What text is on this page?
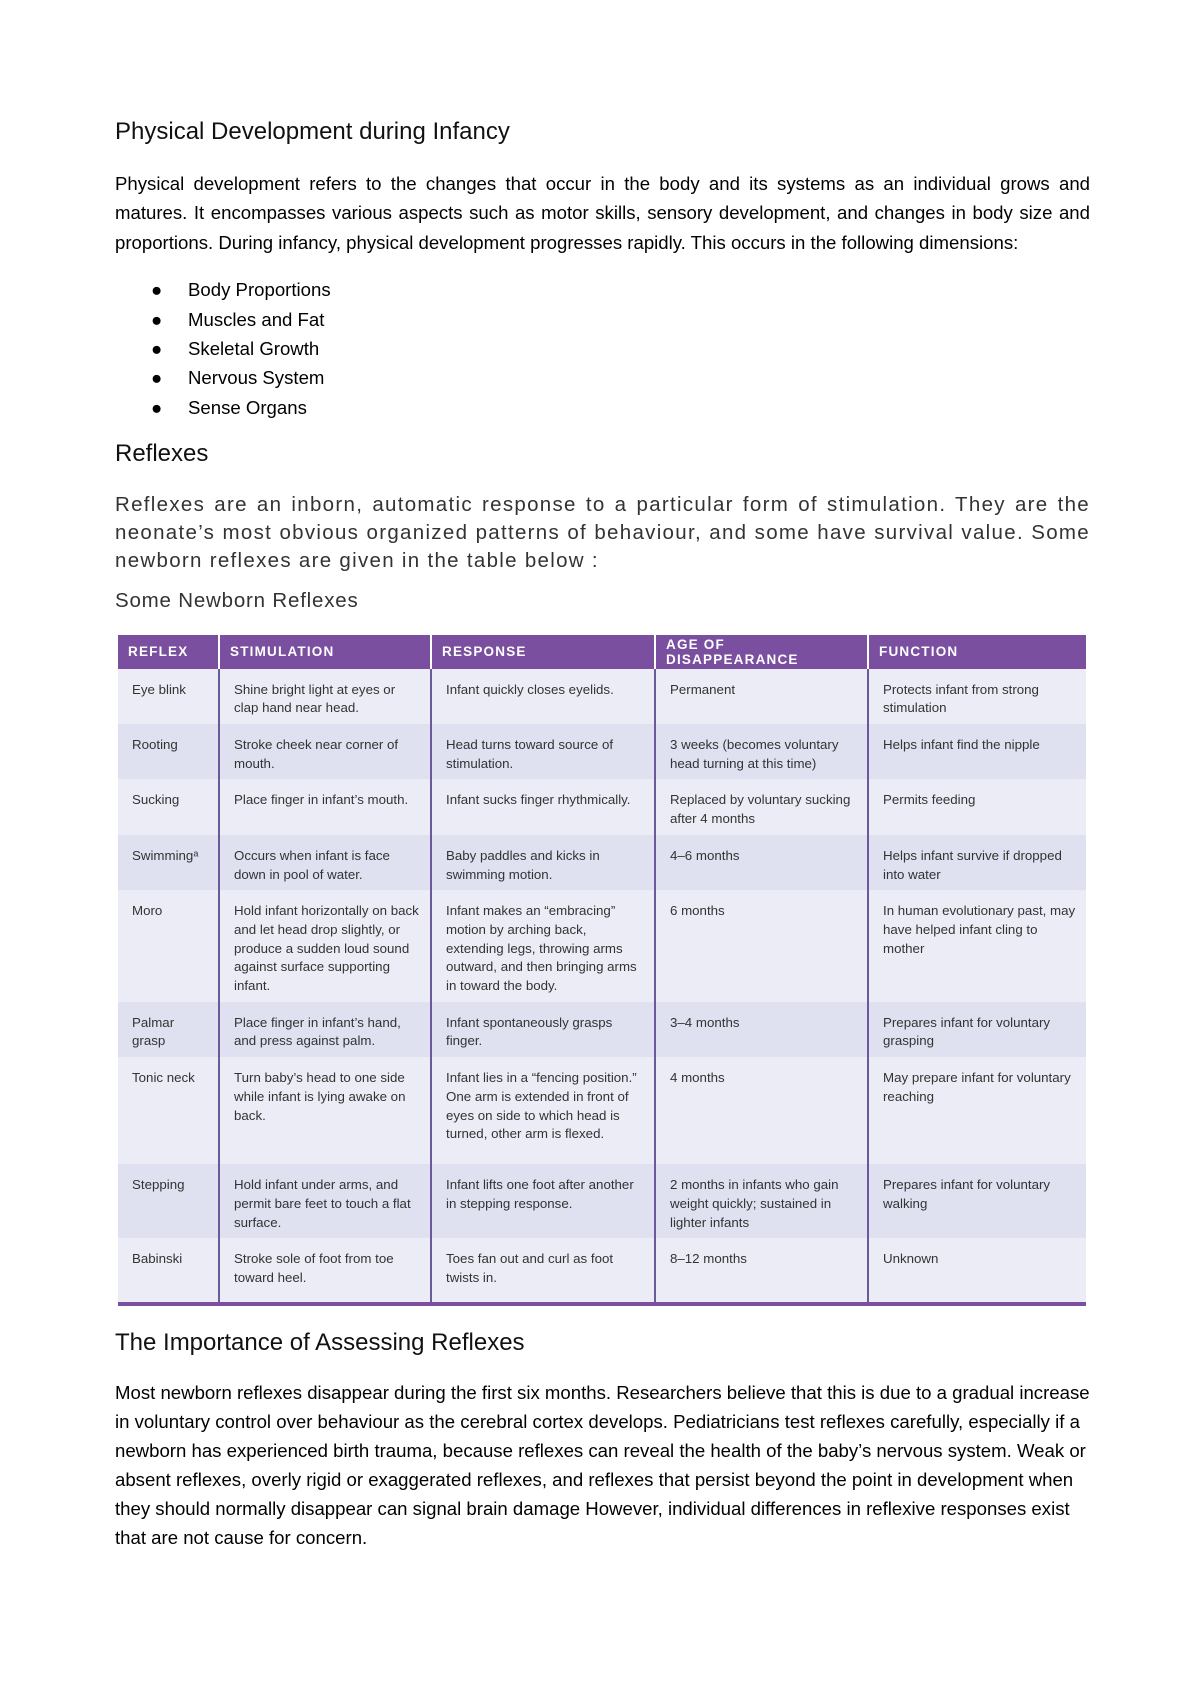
Physical Development during Infancy

Physical development refers to the changes that occur in the body and its systems as an individual grows and matures. It encompasses various aspects such as motor skills, sensory development, and changes in body size and proportions. During infancy, physical development progresses rapidly. This occurs in the following dimensions:

● Body Proportions
● Muscles and Fat
● Skeletal Growth
● Nervous System
● Sense Organs
Reflexes

Reflexes are an inborn, automatic response to a particular form of stimulation. They are the neonate’s most obvious organized patterns of behaviour, and some have survival value. Some newborn reflexes are given in the table below :

Some Newborn Reflexes

REFLEX	STIMULATION	RESPONSE	AGE OF DISAPPEARANCE	FUNCTION
Eye blink	Shine bright light at eyes or clap hand near head.	Infant quickly closes eyelids.	Permanent	Protects infant from strong stimulation
Rooting	Stroke cheek near corner of mouth.	Head turns toward source of stimulation.	3 weeks (becomes voluntary head turning at this time)	Helps infant find the nipple
Sucking	Place finger in infant’s mouth.	Infant sucks finger rhythmically.	Replaced by voluntary sucking after 4 months	Permits feeding
Swimmingᵃ	Occurs when infant is face down in pool of water.	Baby paddles and kicks in swimming motion.	4–6 months	Helps infant survive if dropped into water
Moro	Hold infant horizontally on back and let head drop slightly, or produce a sudden loud sound against surface supporting infant.	Infant makes an “embracing” motion by arching back, extending legs, throwing arms outward, and then bringing arms in toward the body.	6 months	In human evolutionary past, may have helped infant cling to mother
Palmar grasp	Place finger in infant’s hand, and press against palm.	Infant spontaneously grasps finger.	3–4 months	Prepares infant for voluntary grasping
Tonic neck	Turn baby’s head to one side while infant is lying awake on back.	Infant lies in a “fencing position.” One arm is extended in front of eyes on side to which head is turned, other arm is flexed.	4 months	May prepare infant for voluntary reaching
Stepping	Hold infant under arms, and permit bare feet to touch a flat surface.	Infant lifts one foot after another in stepping response.	2 months in infants who gain weight quickly; sustained in lighter infants	Prepares infant for voluntary walking
Babinski	Stroke sole of foot from toe toward heel.	Toes fan out and curl as foot twists in.	8–12 months	Unknown
The Importance of Assessing Reflexes

Most newborn reflexes disappear during the first six months. Researchers believe that this is due to a gradual increase in voluntary control over behaviour as the cerebral cortex develops. Pediatricians test reflexes carefully, especially if a newborn has experienced birth trauma, because reflexes can reveal the health of the baby’s nervous system. Weak or absent reflexes, overly rigid or exaggerated reflexes, and reflexes that persist beyond the point in development when they should normally disappear can signal brain damage However, individual differences in reflexive responses exist that are not cause for concern.
